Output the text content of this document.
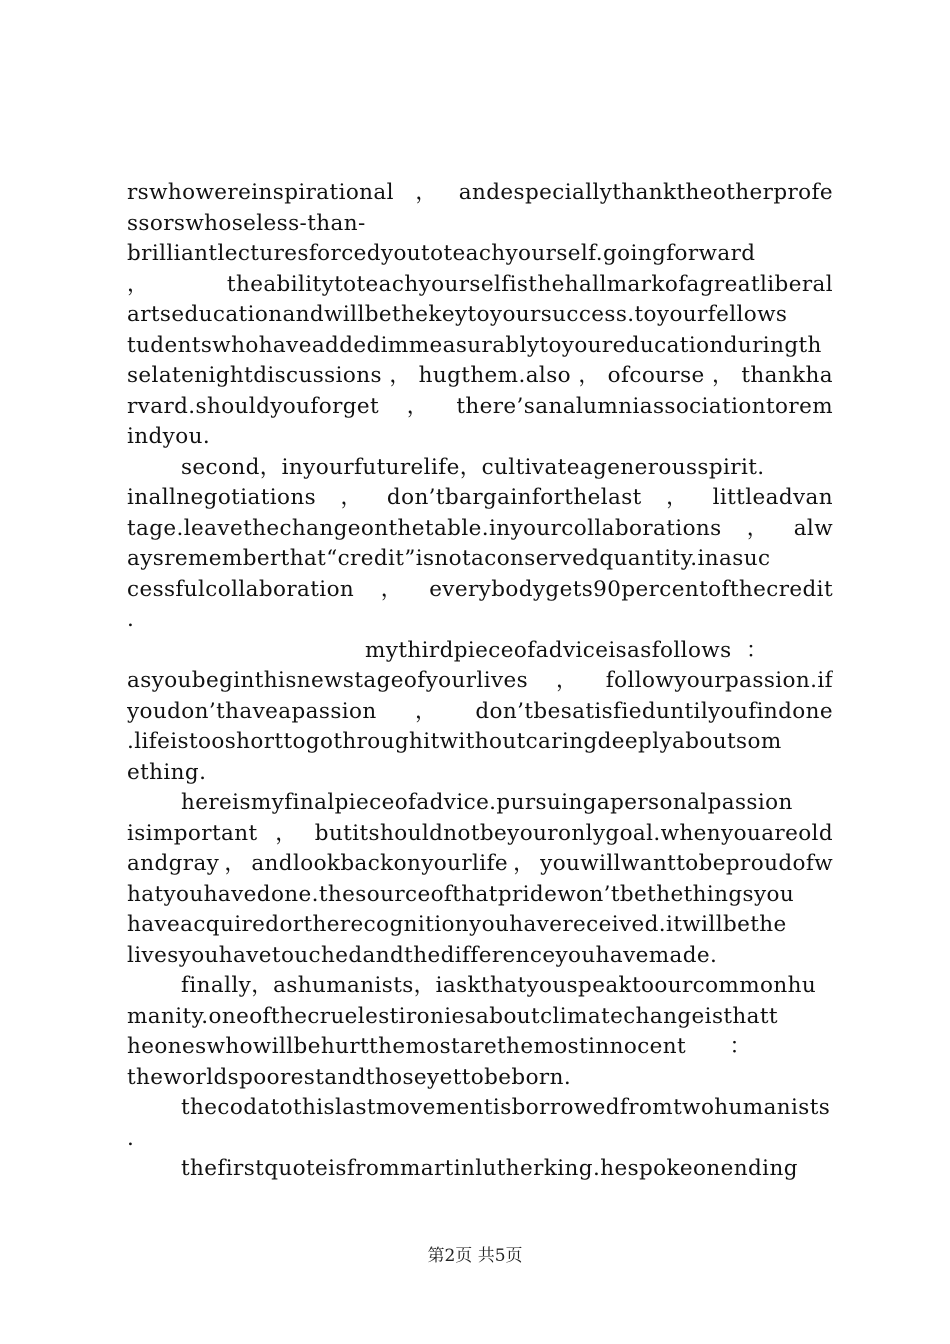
rswhowereinspirational，andespeciallythanktheotherprofe
ssorswhoseless-than-
brilliantlecturesforcedyoutoteachyourself.goingforward
，theabilitytoteachyourselfisthehallmarkofagreatliberal
artseducationandwillbethekeytoyoursuccess.toyourfellows
tudentswhohaveaddedimmeasurablytoyoureducationduringth
selatenightdiscussions，hugthem.also，ofcourse，thankha
rvard.shouldyouforget，there’sanalumniassociationtorem
indyou.
second，inyourfuturelife，cultivateagenerousspirit.
inallnegotiations，don’tbargainforthelast，littleadvan
tage.leavethechangeonthetable.inyourcollaborations，alw
aysrememberthat“credit”isnotaconservedquantity.inasuc
cessfulcollaboration，everybodygets90percentofthecredit
.
mythirdpieceofadviceisasfollows  ：
asyoubeginthisnewstageofyourlives，followyourpassion.if
youdon’thaveapassion，don’tbesatisfieduntilyoufindone
.lifeistooshorttogothroughitwithoutcaringdeeplyaboutsom
ething.
hereismyfinalpieceofadvice.pursuingapersonalpassion
isimportant，butitshouldnotbeyouronlygoal.whenyouareold
andgray，andlookbackonyourlife，youwillwanttobeproudofw
hatyouhavedone.thesourceofthatpridewon’tbethethingsyou
haveacquiredortherecognitionyouhavereceived.itwillbethe
livesyouhavetouchedandthedifferenceyouhavemade.
finally，ashumanists，iaskthatyouspeaktoourcommonhu
manity.oneofthecruelestironiesaboutclimatechangeisthatt
heoneswhowillbehurtthemostarethemostinnocent      ：
theworldspoorestandthoseyettobeborn.
thecodatothislastmovementisborrowedfromtwohumanists
.
thefirstquoteisfrommartinlutherking.hespokeonending
第2页 共5页
